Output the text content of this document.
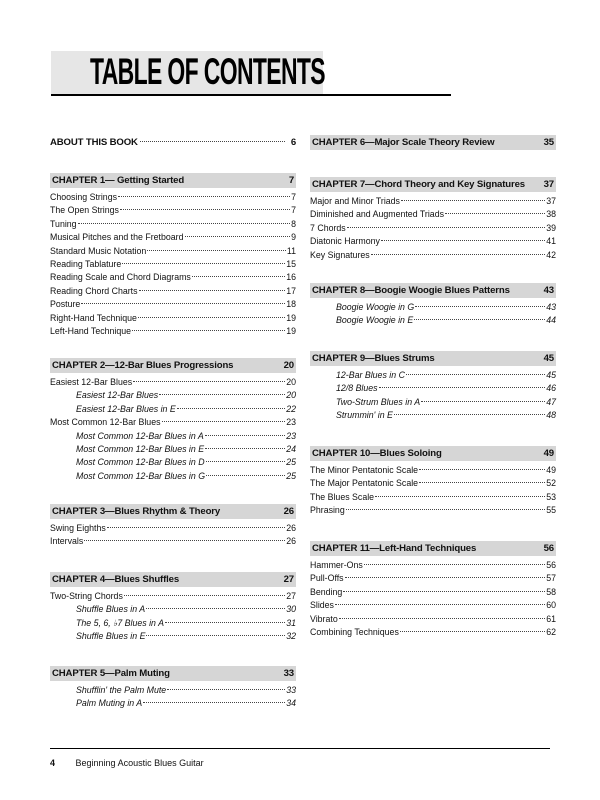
TABLE OF CONTENTS
ABOUT THIS BOOK	6
CHAPTER 1— Getting Started	7
Choosing Strings	7
The Open Strings	7
Tuning	8
Musical Pitches and the Fretboard	9
Standard Music Notation	11
Reading Tablature	15
Reading Scale and Chord Diagrams	16
Reading Chord Charts	17
Posture	18
Right-Hand Technique	19
Left-Hand Technique	19
CHAPTER 2—12-Bar Blues Progressions	20
Easiest 12-Bar Blues	20
Easiest 12-Bar Blues	20
Easiest 12-Bar Blues in E	22
Most Common 12-Bar Blues	23
Most Common 12-Bar Blues in A	23
Most Common 12-Bar Blues in E	24
Most Common 12-Bar Blues in D	25
Most Common 12-Bar Blues in G	25
CHAPTER 3—Blues Rhythm & Theory	26
Swing Eighths	26
Intervals	26
CHAPTER 4—Blues Shuffles	27
Two-String Chords	27
Shuffle Blues in A	30
The 5, 6, ♭7 Blues in A	31
Shuffle Blues in E	32
CHAPTER 5—Palm Muting	33
Shufflin' the Palm Mute	33
Palm Muting in A	34
CHAPTER 6—Major Scale Theory Review	35
CHAPTER 7—Chord Theory and Key Signatures	37
Major and Minor Triads	37
Diminished and Augmented Triads	38
7 Chords	39
Diatonic Harmony	41
Key Signatures	42
CHAPTER 8—Boogie Woogie Blues Patterns	43
Boogie Woogie in G	43
Boogie Woogie in E	44
CHAPTER 9—Blues Strums	45
12-Bar Blues in C	45
12/8 Blues	46
Two-Strum Blues in A	47
Strummin' in E	48
CHAPTER 10—Blues Soloing	49
The Minor Pentatonic Scale	49
The Major Pentatonic Scale	52
The Blues Scale	53
Phrasing	55
CHAPTER 11—Left-Hand Techniques	56
Hammer-Ons	56
Pull-Offs	57
Bending	58
Slides	60
Vibrato	61
Combining Techniques	62
4 Beginning Acoustic Blues Guitar
